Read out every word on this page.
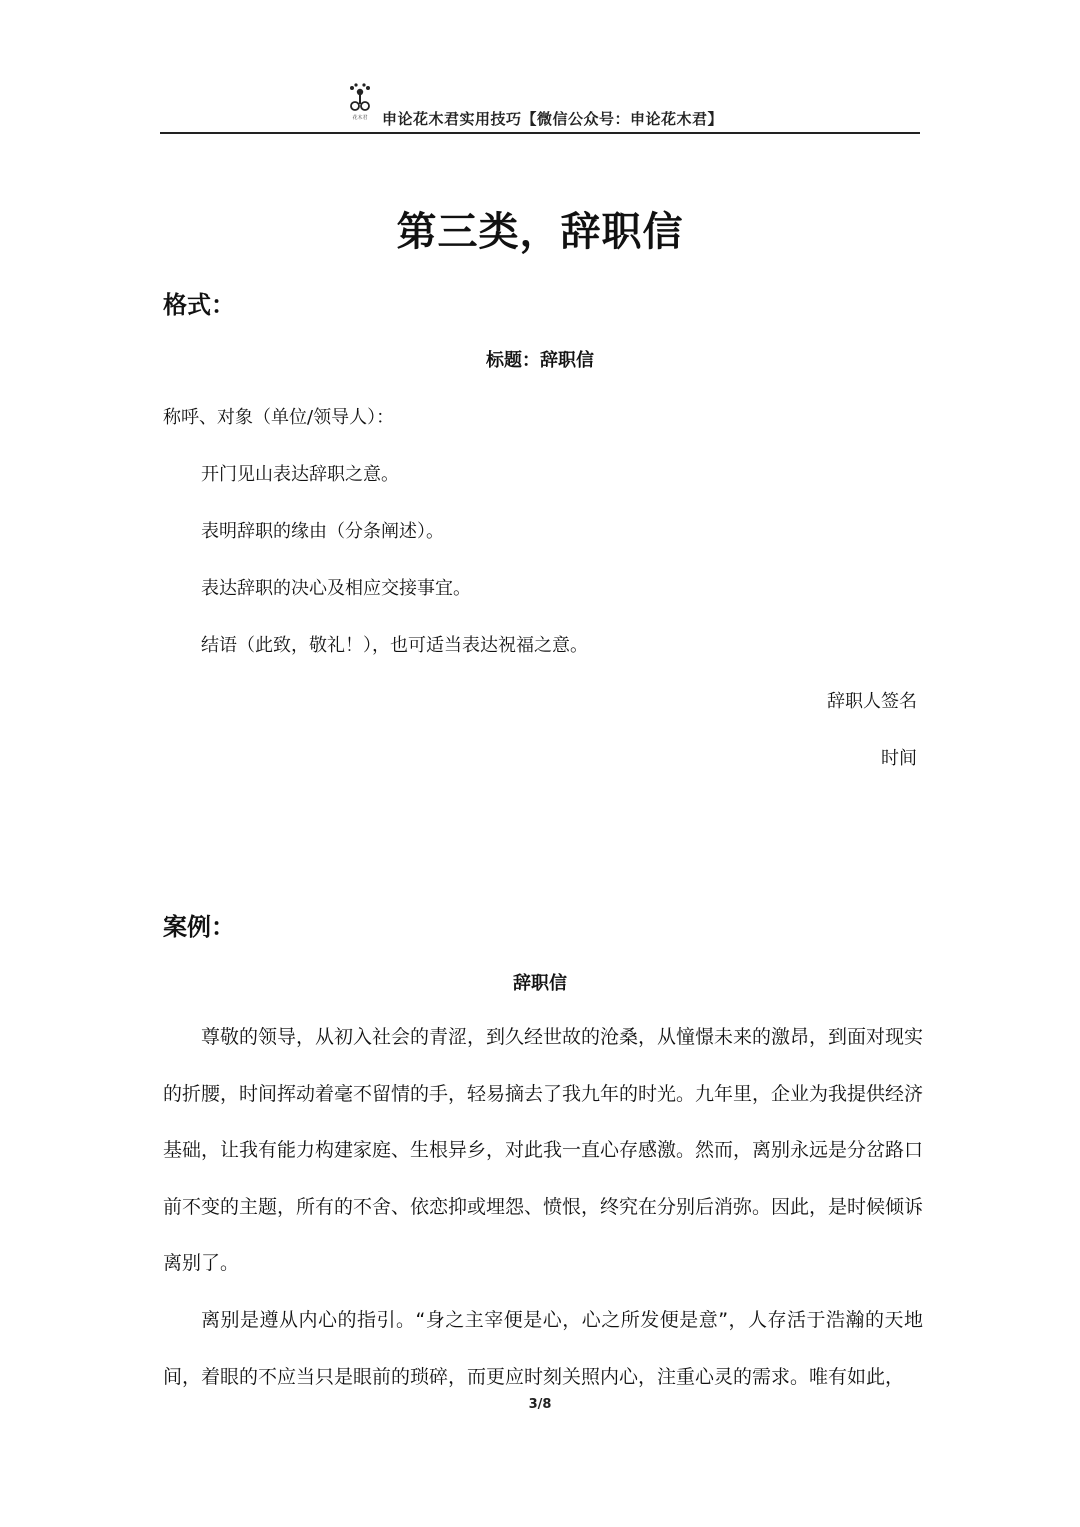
花木君 申论花木君实用技巧【微信公众号：申论花木君】
第三类，辞职信
格式：
标题：辞职信
称呼、对象（单位/领导人）：
开门见山表达辞职之意。
表明辞职的缘由（分条阐述）。
表达辞职的决心及相应交接事宜。
结语（此致，敬礼！），也可适当表达祝福之意。
辞职人签名
时间
案例：
辞职信
尊敬的领导，从初入社会的青涩，到久经世故的沧桑，从憧憬未来的激昂，到面对现实的折腰，时间挥动着毫不留情的手，轻易摘去了我九年的时光。九年里，企业为我提供经济基础，让我有能力构建家庭、生根异乡，对此我一直心存感激。然而，离别永远是分岔路口前不变的主题，所有的不舍、依恋抑或埋怨、愤恨，终究在分别后消弥。因此，是时候倾诉离别了。
离别是遵从内心的指引。“身之主宰便是心，心之所发便是意”，人存活于浩瀚的天地间，着眼的不应当只是眼前的琐碎，而更应时刻关照内心，注重心灵的需求。唯有如此，
3/8
